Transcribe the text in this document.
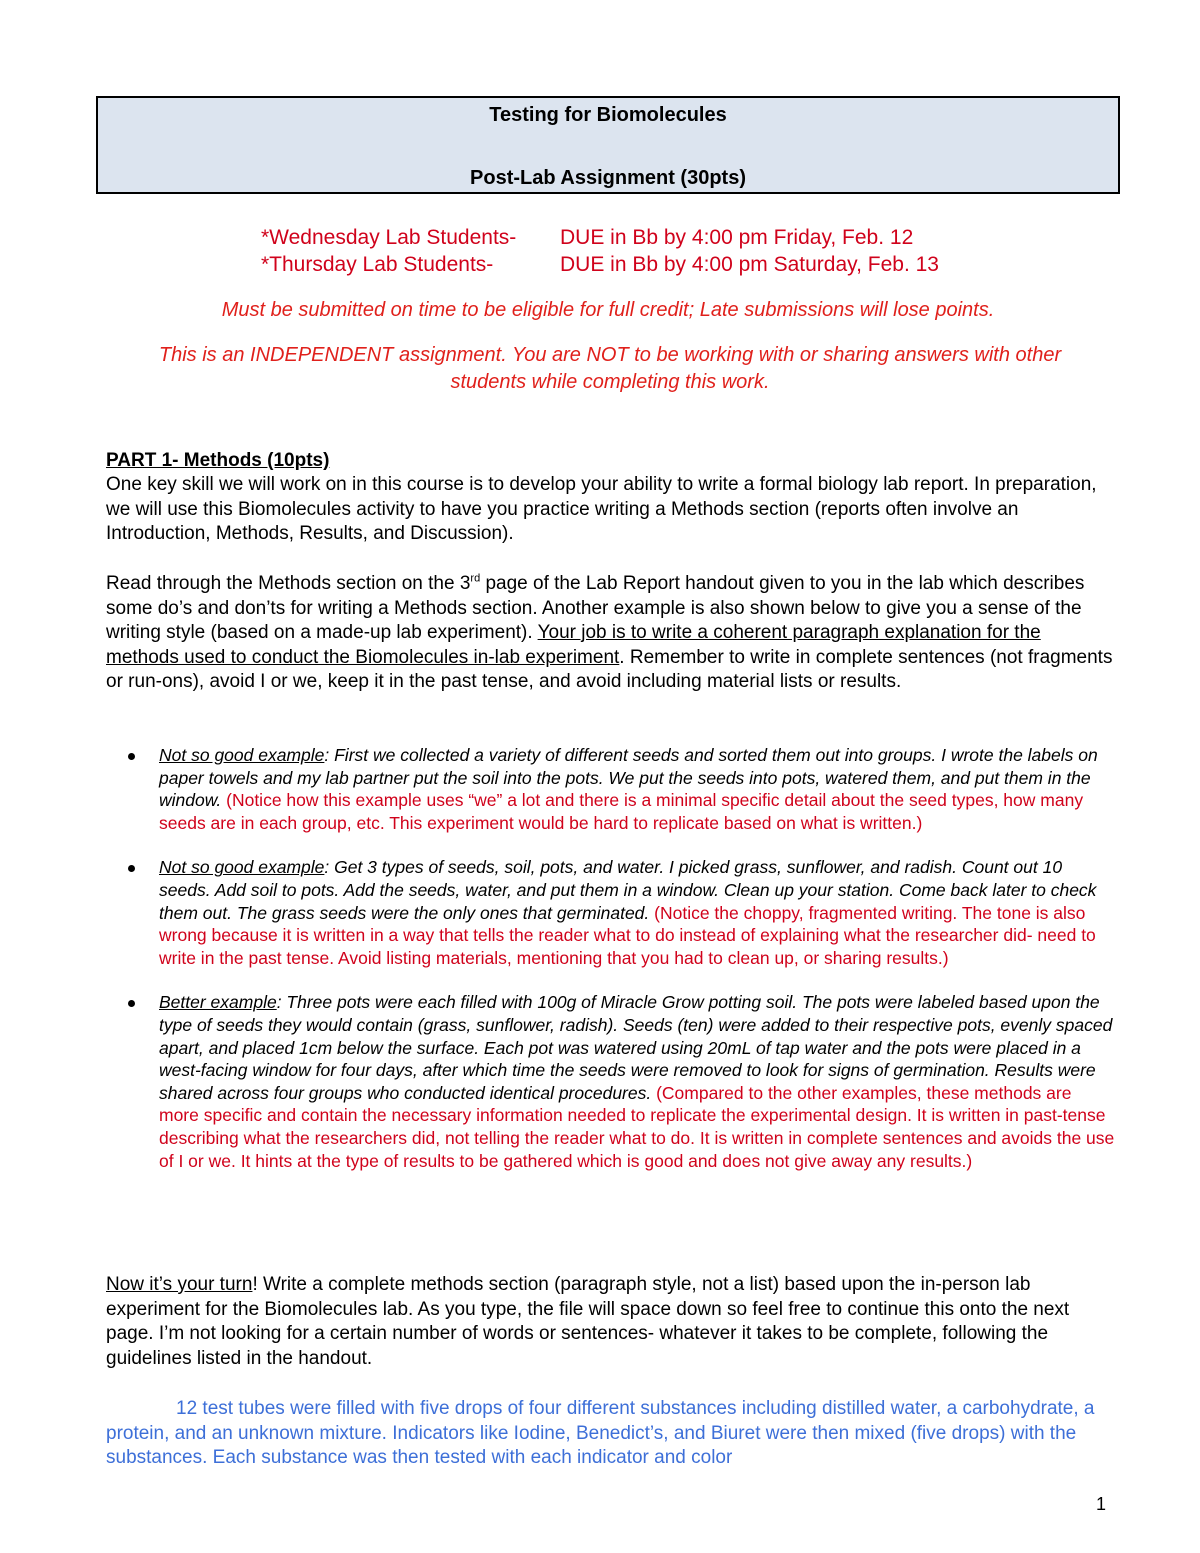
Testing for Biomolecules
Post-Lab Assignment (30pts)
*Wednesday Lab Students- DUE in Bb by 4:00 pm Friday, Feb. 12
*Thursday Lab Students-	DUE in Bb by 4:00 pm Saturday, Feb. 13
Must be submitted on time to be eligible for full credit; Late submissions will lose points.
This is an INDEPENDENT assignment. You are NOT to be working with or sharing answers with other students while completing this work.
PART 1- Methods (10pts)
One key skill we will work on in this course is to develop your ability to write a formal biology lab report. In preparation, we will use this Biomolecules activity to have you practice writing a Methods section (reports often involve an Introduction, Methods, Results, and Discussion).
Read through the Methods section on the 3rd page of the Lab Report handout given to you in the lab which describes some do’s and don’ts for writing a Methods section. Another example is also shown below to give you a sense of the writing style (based on a made-up lab experiment). Your job is to write a coherent paragraph explanation for the methods used to conduct the Biomolecules in-lab experiment. Remember to write in complete sentences (not fragments or run-ons), avoid I or we, keep it in the past tense, and avoid including material lists or results.
Not so good example: First we collected a variety of different seeds and sorted them out into groups. I wrote the labels on paper towels and my lab partner put the soil into the pots. We put the seeds into pots, watered them, and put them in the window. (Notice how this example uses “we” a lot and there is a minimal specific detail about the seed types, how many seeds are in each group, etc. This experiment would be hard to replicate based on what is written.)
Not so good example: Get 3 types of seeds, soil, pots, and water. I picked grass, sunflower, and radish. Count out 10 seeds. Add soil to pots. Add the seeds, water, and put them in a window. Clean up your station. Come back later to check them out. The grass seeds were the only ones that germinated. (Notice the choppy, fragmented writing. The tone is also wrong because it is written in a way that tells the reader what to do instead of explaining what the researcher did- need to write in the past tense. Avoid listing materials, mentioning that you had to clean up, or sharing results.)
Better example: Three pots were each filled with 100g of Miracle Grow potting soil. The pots were labeled based upon the type of seeds they would contain (grass, sunflower, radish). Seeds (ten) were added to their respective pots, evenly spaced apart, and placed 1cm below the surface. Each pot was watered using 20mL of tap water and the pots were placed in a west-facing window for four days, after which time the seeds were removed to look for signs of germination. Results were shared across four groups who conducted identical procedures. (Compared to the other examples, these methods are more specific and contain the necessary information needed to replicate the experimental design. It is written in past-tense describing what the researchers did, not telling the reader what to do. It is written in complete sentences and avoids the use of I or we. It hints at the type of results to be gathered which is good and does not give away any results.)
Now it’s your turn! Write a complete methods section (paragraph style, not a list) based upon the in-person lab experiment for the Biomolecules lab. As you type, the file will space down so feel free to continue this onto the next page. I’m not looking for a certain number of words or sentences- whatever it takes to be complete, following the guidelines listed in the handout.
12 test tubes were filled with five drops of four different substances including distilled water, a carbohydrate, a protein, and an unknown mixture. Indicators like Iodine, Benedict’s, and Biuret were then mixed (five drops) with the substances. Each substance was then tested with each indicator and color
1
